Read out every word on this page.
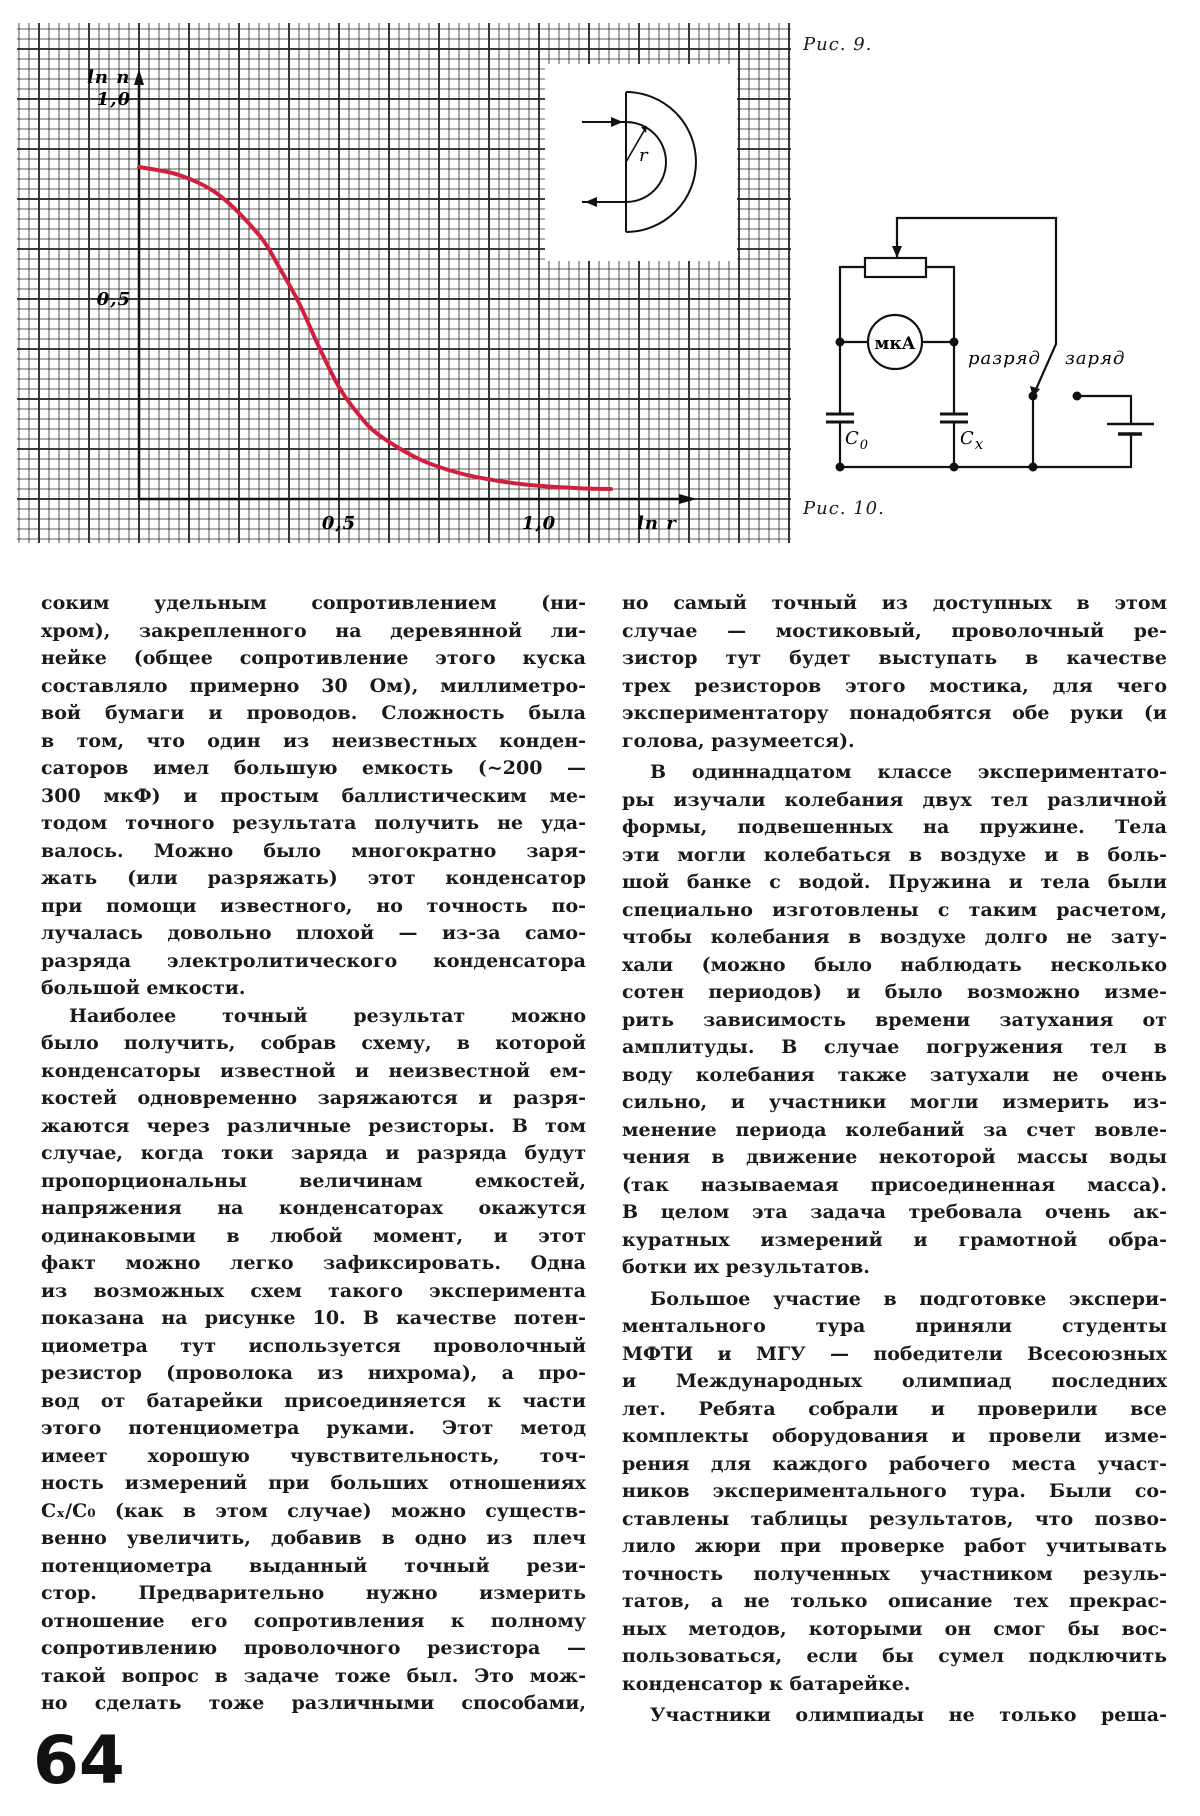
r
ln n
ln r
0,5	1,0
1,0
0,5
Рис. 9.
мкА
разряд заряд
$C_0$	$C_x$
Рис. 10.
соким удельным сопротивлением (ни-
хром), закрепленного на деревянной ли-
нейке (общее сопротивление этого куска
составляло примерно 30 Ом), миллиметро-
вой бумаги и проводов. Сложность была
в том, что один из неизвестных конден-
саторов имел большую емкость (~200 —
300 мкФ) и простым баллистическим ме-
тодом точного результата получить не уда-
валось. Можно было многократно заря-
жать (или разряжать) этот конденсатор
при помощи известного, но точность по-
лучалась довольно плохой — из-за само-
разряда электролитического конденсатора
большой емкости.
Наиболее точный результат можно
было получить, собрав схему, в которой
конденсаторы известной и неизвестной ем-
костей одновременно заряжаются и разря-
жаются через различные резисторы. В том
случае, когда токи заряда и разряда будут
пропорциональны величинам емкостей,
напряжения на конденсаторах окажутся
одинаковыми в любой момент, и этот
факт можно легко зафиксировать. Одна
из возможных схем такого эксперимента
показана на рисунке 10. В качестве потен-
циометра тут используется проволочный
резистор (проволока из нихрома), а про-
вод от батарейки присоединяется к части
этого потенциометра руками. Этот метод
имеет хорошую чувствительность, точ-
ность измерений при больших отношениях
Cₓ/C₀ (как в этом случае) можно существ-
венно увеличить, добавив в одно из плеч
потенциометра выданный точный рези-
стор. Предварительно нужно измерить
отношение его сопротивления к полному
сопротивлению проволочного резистора —
такой вопрос в задаче тоже был. Это мож-
но сделать тоже различными способами,
но самый точный из доступных в этом
случае — мостиковый, проволочный ре-
зистор тут будет выступать в качестве
трех резисторов этого мостика, для чего
экспериментатору понадобятся обе руки (и
голова, разумеется).
В одиннадцатом классе экспериментато-
ры изучали колебания двух тел различной
формы, подвешенных на пружине. Тела
эти могли колебаться в воздухе и в боль-
шой банке с водой. Пружина и тела были
специально изготовлены с таким расчетом,
чтобы колебания в воздухе долго не зату-
хали (можно было наблюдать несколько
сотен периодов) и было возможно изме-
рить зависимость времени затухания от
амплитуды. В случае погружения тел в
воду колебания также затухали не очень
сильно, и участники могли измерить из-
менение периода колебаний за счет вовле-
чения в движение некоторой массы воды
(так называемая присоединенная масса).
В целом эта задача требовала очень ак-
куратных измерений и грамотной обра-
ботки их результатов.
Большое участие в подготовке экспери-
ментального тура приняли студенты
МФТИ и МГУ — победители Всесоюзных
и Международных олимпиад последних
лет. Ребята собрали и проверили все
комплекты оборудования и провели изме-
рения для каждого рабочего места участ-
ников экспериментального тура. Были со-
ставлены таблицы результатов, что позво-
лило жюри при проверке работ учитывать
точность полученных участником резуль-
татов, а не только описание тех прекрас-
ных методов, которыми он смог бы вос-
пользоваться, если бы сумел подключить
конденсатор к батарейке.
Участники олимпиады не только реша-
64
